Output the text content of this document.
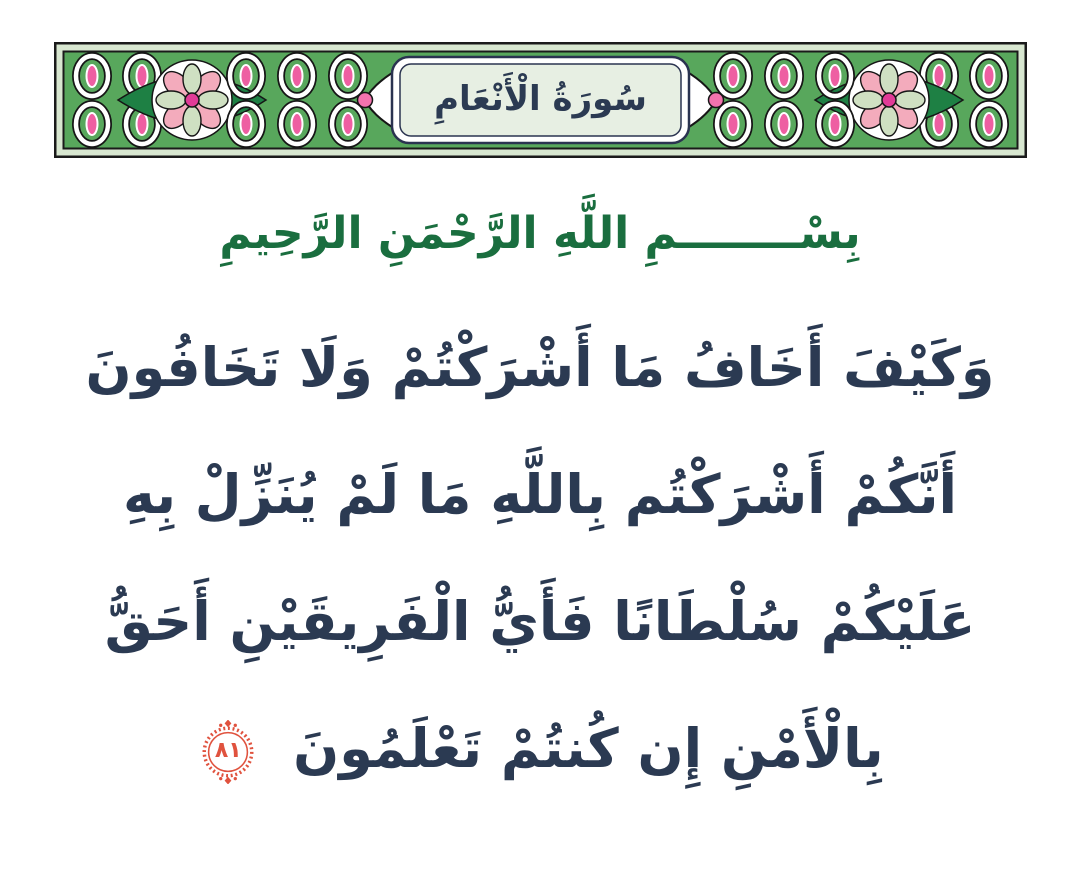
سُورَةُ الْأَنْعَامِ
بِسْــــــــمِ اللَّهِ الرَّحْمَنِ الرَّحِيمِ
وَكَيْفَ أَخَافُ مَا أَشْرَكْتُمْ وَلَا تَخَافُونَ
أَنَّكُمْ أَشْرَكْتُم بِاللَّهِ مَا لَمْ يُنَزِّلْ بِهِ
عَلَيْكُمْ سُلْطَانًا فَأَيُّ الْفَرِيقَيْنِ أَحَقُّ
بِالْأَمْنِ إِن كُنتُمْ تَعْلَمُونَ
٨١
